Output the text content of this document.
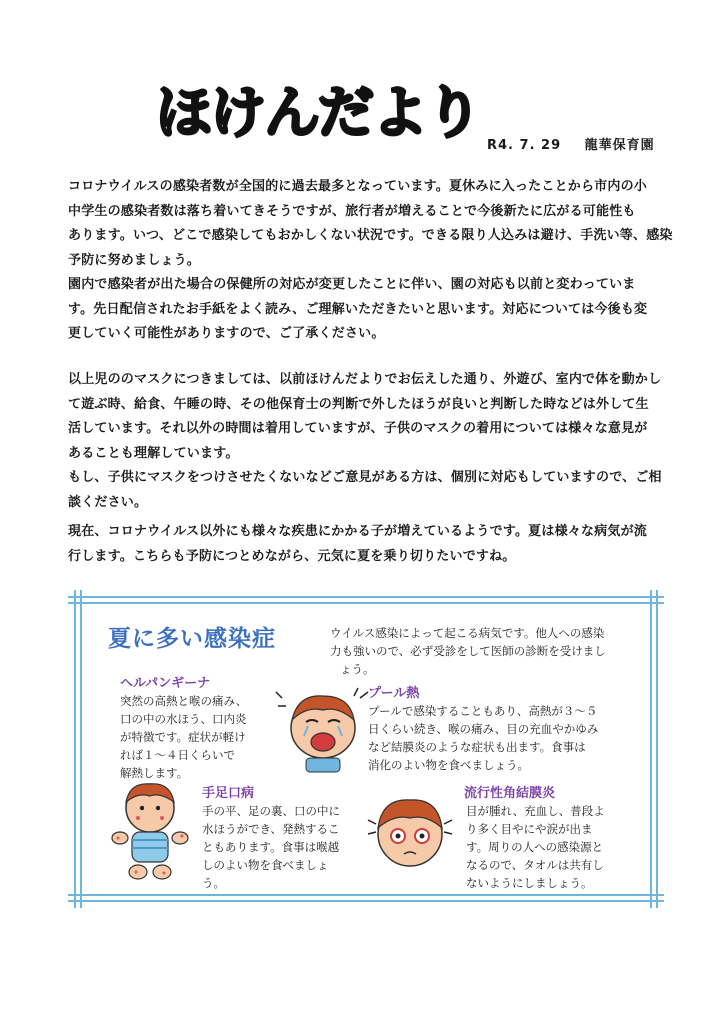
ほけんだより R4. 7. 29 龍華保育園

コロナウイルスの感染者数が全国的に過去最多となっています。夏休みに入ったことから市内の小

中学生の感染者数は落ち着いてきそうですが、旅行者が増えることで今後新たに広がる可能性も

あります。いつ、どこで感染してもおかしくない状況です。できる限り人込みは避け、手洗い等、感染

予防に努めましょう。

園内で感染者が出た場合の保健所の対応が変更したことに伴い、園の対応も以前と変わっていま

す。先日配信されたお手紙をよく読み、ご理解いただきたいと思います。対応については今後も変

更していく可能性がありますので、ご了承ください。

以上児ののマスクにつきましては、以前ほけんだよりでお伝えした通り、外遊び、室内で体を動かし

て遊ぶ時、給食、午睡の時、その他保育士の判断で外したほうが良いと判断した時などは外して生

活しています。それ以外の時間は着用していますが、子供のマスクの着用については様々な意見が

あることも理解しています。

もし、子供にマスクをつけさせたくないなどご意見がある方は、個別に対応もしていますので、ご相

談ください。

現在、コロナウイルス以外にも様々な疾患にかかる子が増えているようです。夏は様々な病気が流

行します。こちらも予防につとめながら、元気に夏を乗り切りたいですね。

夏に多い感染症	ウイルス感染によって起こる病気です。他人への感染
力も強いので、必ず受診をして医師の診断を受けまし
ょう。
ヘルパンギーナ
突然の高熱と喉の痛み、
口の中の水ほう、口内炎
が特徴です。症状が軽け
れば１～４日くらいで
解熱します。
プール熱
プールで感染することもあり、高熱が３～５
日くらい続き、喉の痛み、目の充血やかゆみ
など結膜炎のような症状も出ます。食事は
消化のよい物を食べましょう。
手足口病
手の平、足の裏、口の中に
水ほうができ、発熱するこ
ともあります。食事は喉越
しのよい物を食べましょ
う。
流行性角結膜炎
目が腫れ、充血し、普段よ
り多く目やにや涙が出ま
す。周りの人への感染源と
なるので、タオルは共有し
ないようにしましょう。
